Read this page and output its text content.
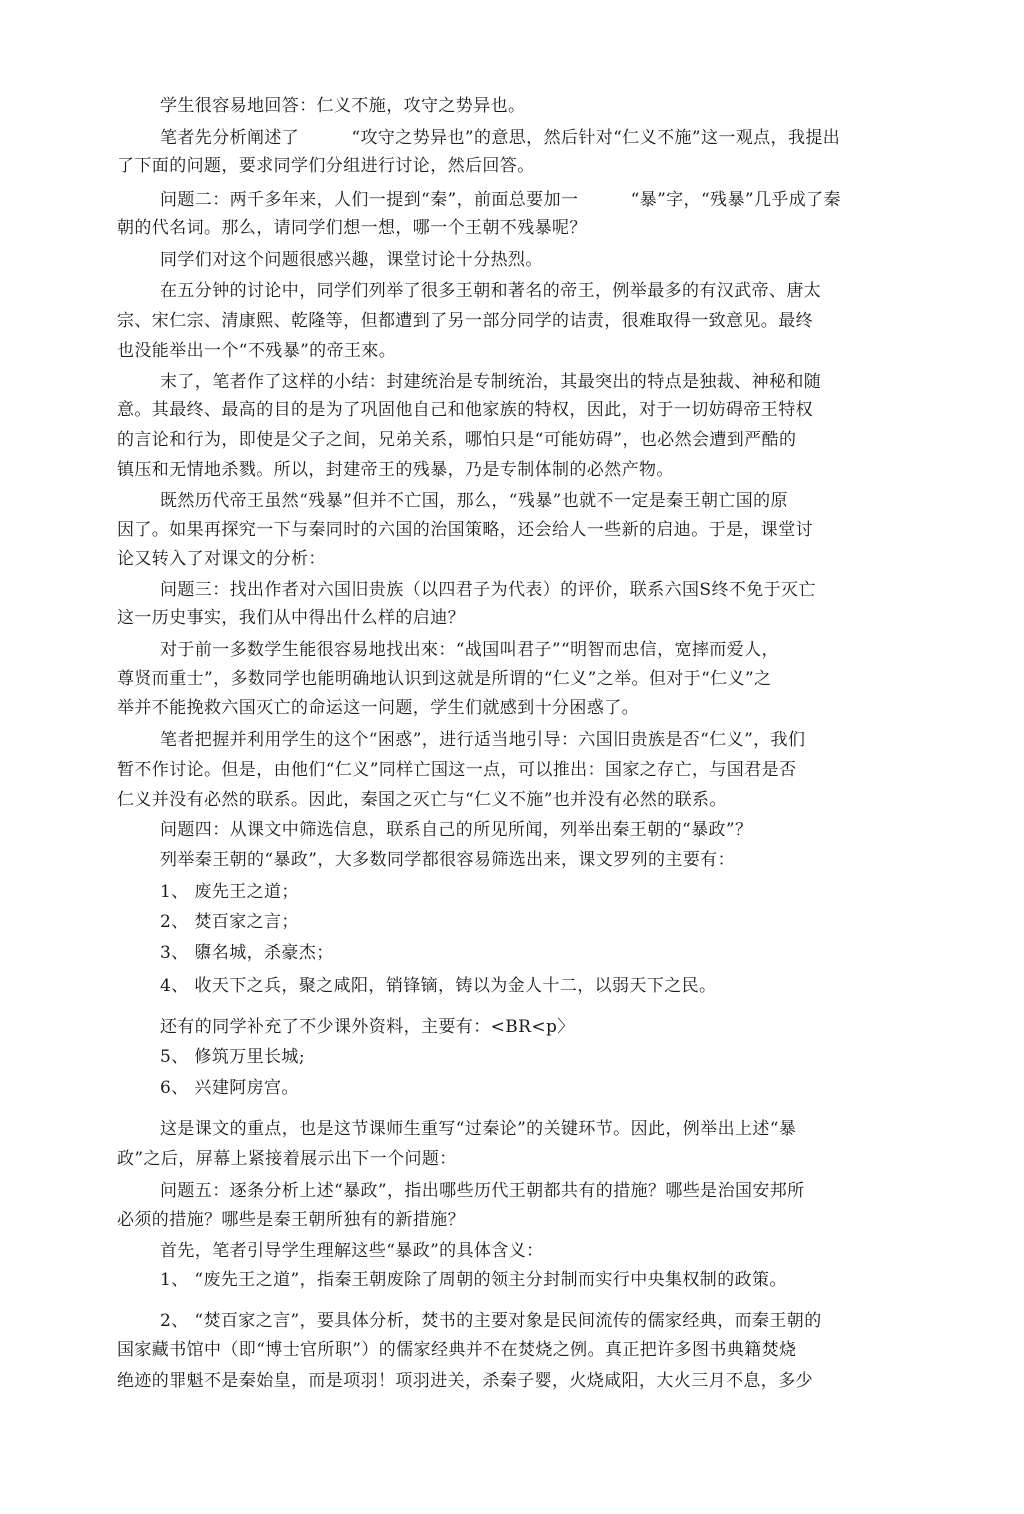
学生很容易地回答：仁义不施，攻守之势异也。
笔者先分析阐述了　　　“攻守之势异也”的意思，然后针对“仁义不施”这一观点，我提出
了下面的问题，要求同学们分组进行讨论，然后回答。
问题二：两千多年来，人们一提到“秦”，前面总要加一　　　“暴”字，“残暴”几乎成了秦
朝的代名词。那么，请同学们想一想，哪一个王朝不残暴呢？
同学们对这个问题很感兴趣，课堂讨论十分热烈。
在五分钟的讨论中，同学们列举了很多王朝和著名的帝王，例举最多的有汉武帝、唐太
宗、宋仁宗、清康熙、乾隆等，但都遭到了另一部分同学的诘责，很难取得一致意见。最终
也没能举出一个“不残暴”的帝王來。
末了，笔者作了这样的小结：封建统治是专制统治，其最突出的特点是独裁、神秘和随
意。其最终、最高的目的是为了巩固他自己和他家族的特权，因此，对于一切妨碍帝王特权
的言论和行为，即使是父子之间，兄弟关系，哪怕只是“可能妨碍”，也必然会遭到严酷的
镇压和无情地杀戮。所以，封建帝王的残暴，乃是专制体制的必然产物。
既然历代帝王虽然“残暴”但并不亡国，那么，“残暴”也就不一定是秦王朝亡国的原
因了。如果再探究一下与秦同时的六国的治国策略，还会给人一些新的启迪。于是，课堂讨
论又转入了对课文的分析：
问题三：找出作者对六国旧贵族（以四君子为代表）的评价，联系六国S终不免于灭亡
这一历史事实，我们从中得出什么样的启迪？
对于前一多数学生能很容易地找出來：“战国叫君子”“明智而忠信，宽摔而爱人，
尊贤而重士”，多数同学也能明确地认识到这就是所谓的“仁义”之举。但对于“仁义”之
举并不能挽救六国灭亡的命运这一问题，学生们就感到十分困惑了。
笔者把握并利用学生的这个“困惑”，进行适当地引导：六国旧贵族是否“仁义”，我们
暂不作讨论。但是，由他们“仁义”同样亡国这一点，可以推出：国家之存亡，与国君是否
仁义并没有必然的联系。因此，秦国之灭亡与“仁义不施”也并没有必然的联系。
问题四：从课文中筛选信息，联系自己的所见所闻，列举出秦王朝的“暴政”？
列举秦王朝的“暴政”，大多数同学都很容易筛选出来，课文罗列的主要有：
1、 废先王之道；
2、 焚百家之言；
3、 隳名城，杀豪杰；
4、 收天下之兵，聚之咸阳，销锋镝，铸以为金人十二，以弱天下之民。
还有的同学补充了不少课外资料，主要有：<BR<p〉
5、 修筑万里长城;
6、 兴建阿房宫。
这是课文的重点，也是这节课师生重写“过秦论”的关键环节。因此，例举出上述“暴
政”之后，屏幕上紧接着展示出下一个问题：
问题五：逐条分析上述“暴政”，指出哪些历代王朝都共有的措施？哪些是治国安邦所
必须的措施？哪些是秦王朝所独有的新措施？
首先，笔者引导学生理解这些“暴政”的具体含义：
1、 “废先王之道”，指秦王朝废除了周朝的领主分封制而实行中央集权制的政策。
2、 “焚百家之言”，要具体分析，焚书的主要对象是民间流传的儒家经典，而秦王朝的
国家藏书馆中（即“博士官所职”）的儒家经典并不在焚烧之例。真正把许多图书典籍焚烧
绝迹的罪魁不是秦始皇，而是项羽！项羽进关，杀秦子婴，火烧咸阳，大火三月不息，多少
